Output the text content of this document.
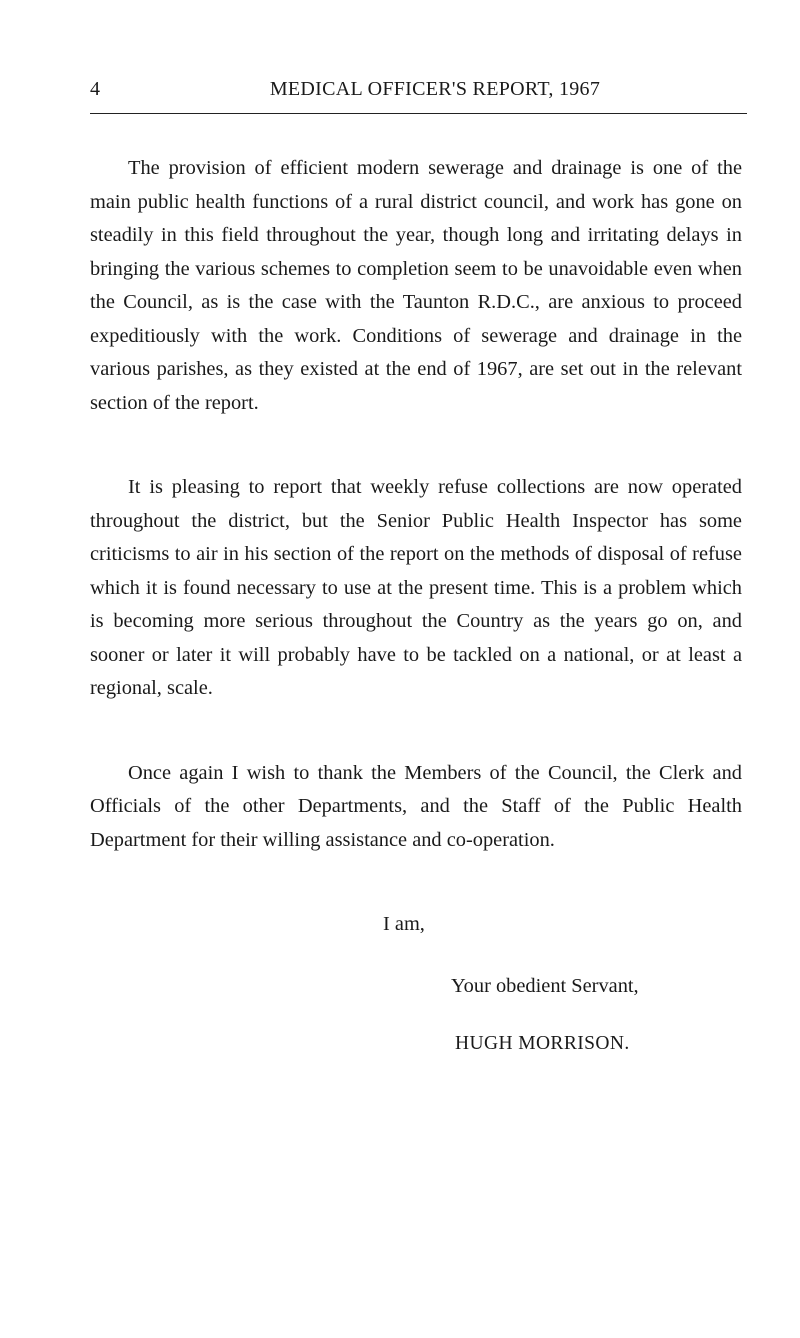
4	MEDICAL OFFICER'S REPORT, 1967

The provision of efficient modern sewerage and drainage is one of the main public health functions of a rural district council, and work has gone on steadily in this field throughout the year, though long and irritating delays in bringing the various schemes to completion seem to be unavoidable even when the Council, as is the case with the Taunton R.D.C., are anxious to proceed expeditiously with the work. Conditions of sewerage and drainage in the various parishes, as they existed at the end of 1967, are set out in the relevant section of the report.

It is pleasing to report that weekly refuse collections are now operated throughout the district, but the Senior Public Health Inspector has some criticisms to air in his section of the report on the methods of disposal of refuse which it is found necessary to use at the present time. This is a problem which is becoming more serious throughout the Country as the years go on, and sooner or later it will probably have to be tackled on a national, or at least a regional, scale.

Once again I wish to thank the Members of the Council, the Clerk and Officials of the other Departments, and the Staff of the Public Health Department for their willing assistance and co-operation.

I am,
Your obedient Servant,
HUGH MORRISON.
